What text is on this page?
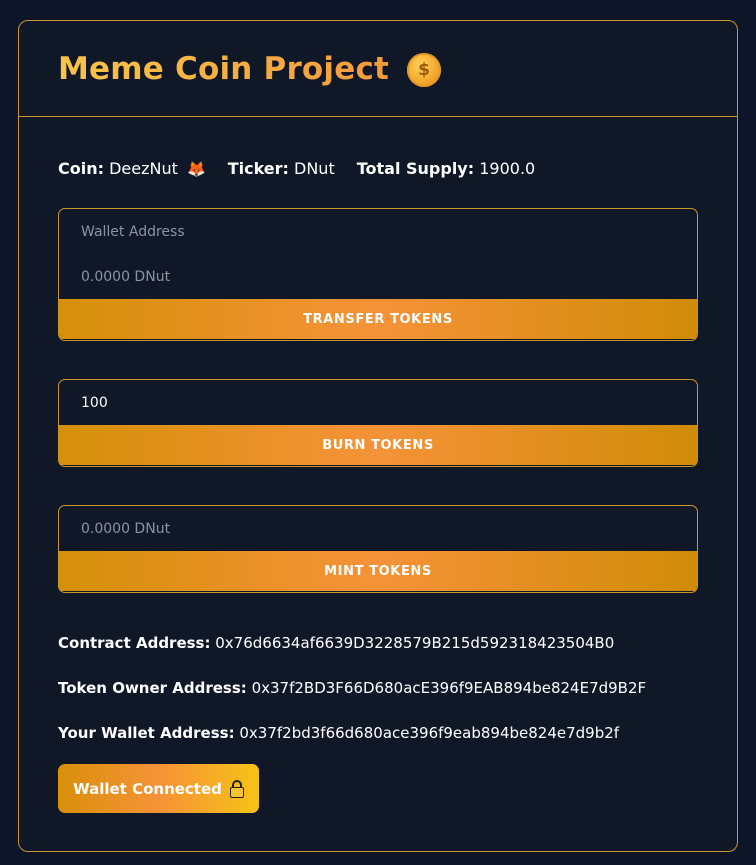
Meme Coin Project	$
Coin: DeezNut 🦊 Ticker: DNut Total Supply: 1900.0
Wallet Address
0.0000 DNut
TRANSFER TOKENS
100
BURN TOKENS
0.0000 DNut
MINT TOKENS
Contract Address: 0x76d6634af6639D3228579B215d592318423504B0
Token Owner Address: 0x37f2BD3F66D680acE396f9EAB894be824E7d9B2F
Your Wallet Address: 0x37f2bd3f66d680ace396f9eab894be824e7d9b2f
Wallet Connected
